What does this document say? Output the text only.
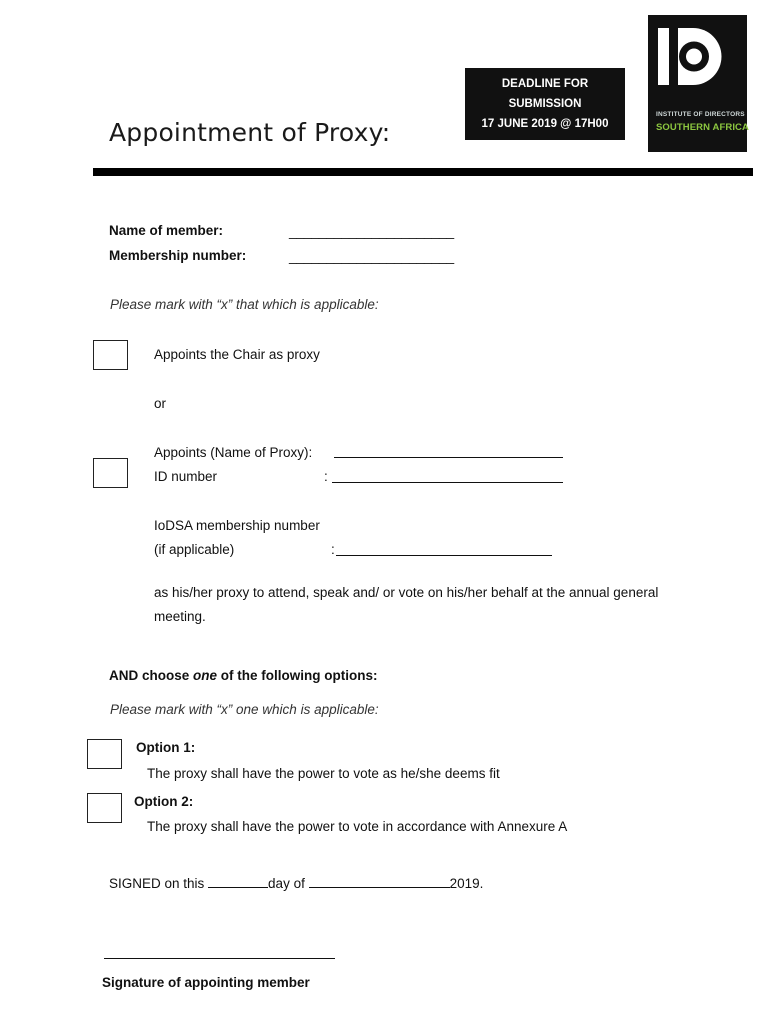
Appointment of Proxy:
DEADLINE FOR
SUBMISSION
17 JUNE 2019 @ 17H00
INSTITUTE OF DIRECTORS
SOUTHERN AFRICA
Name of member:	______________________
Membership number:	______________________
Please mark with “x” that which is applicable:
Appoints the Chair as proxy
or
Appoints (Name of Proxy):
ID number	:
IoDSA membership number
(if applicable)	:
as his/her proxy to attend, speak and/ or vote on his/her behalf at the annual general
meeting.
AND choose one of the following options:
Please mark with “x” one which is applicable:
Option 1:
The proxy shall have the power to vote as he/she deems fit
Option 2:
The proxy shall have the power to vote in accordance with Annexure A
SIGNED on this	day of	2019.
Signature of appointing member
